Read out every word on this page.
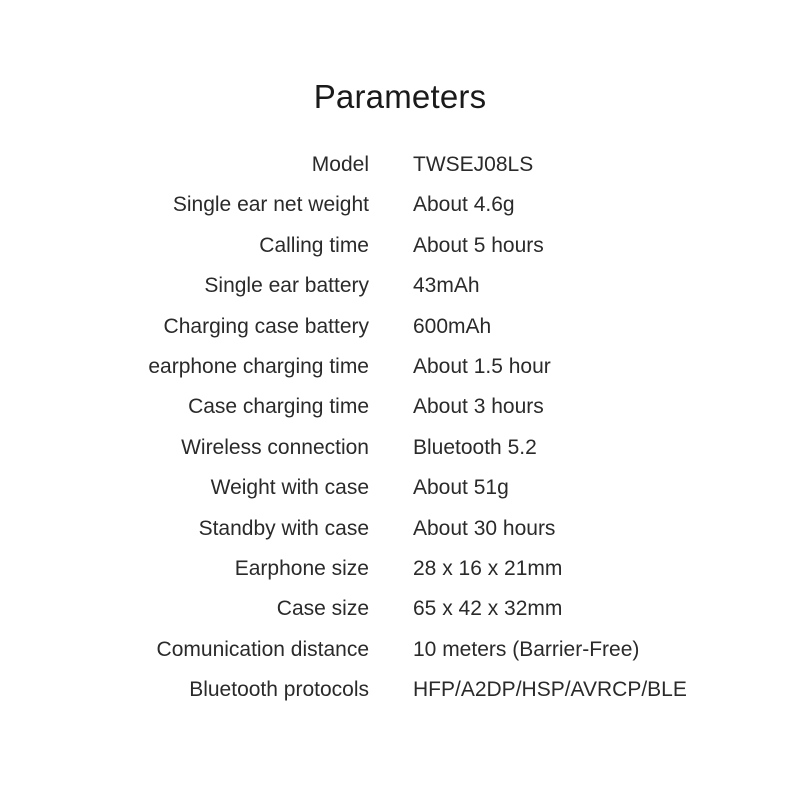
Parameters
Model TWSEJ08LS
Single ear net weight About 4.6g
Calling time About 5 hours
Single ear battery 43mAh
Charging case battery 600mAh
earphone charging time About 1.5 hour
Case charging time About 3 hours
Wireless connection Bluetooth 5.2
Weight with case About 51g
Standby with case About 30 hours
Earphone size 28 x 16 x 21mm
Case size 65 x 42 x 32mm
Comunication distance 10 meters (Barrier-Free)
Bluetooth protocols HFP/A2DP/HSP/AVRCP/BLE
